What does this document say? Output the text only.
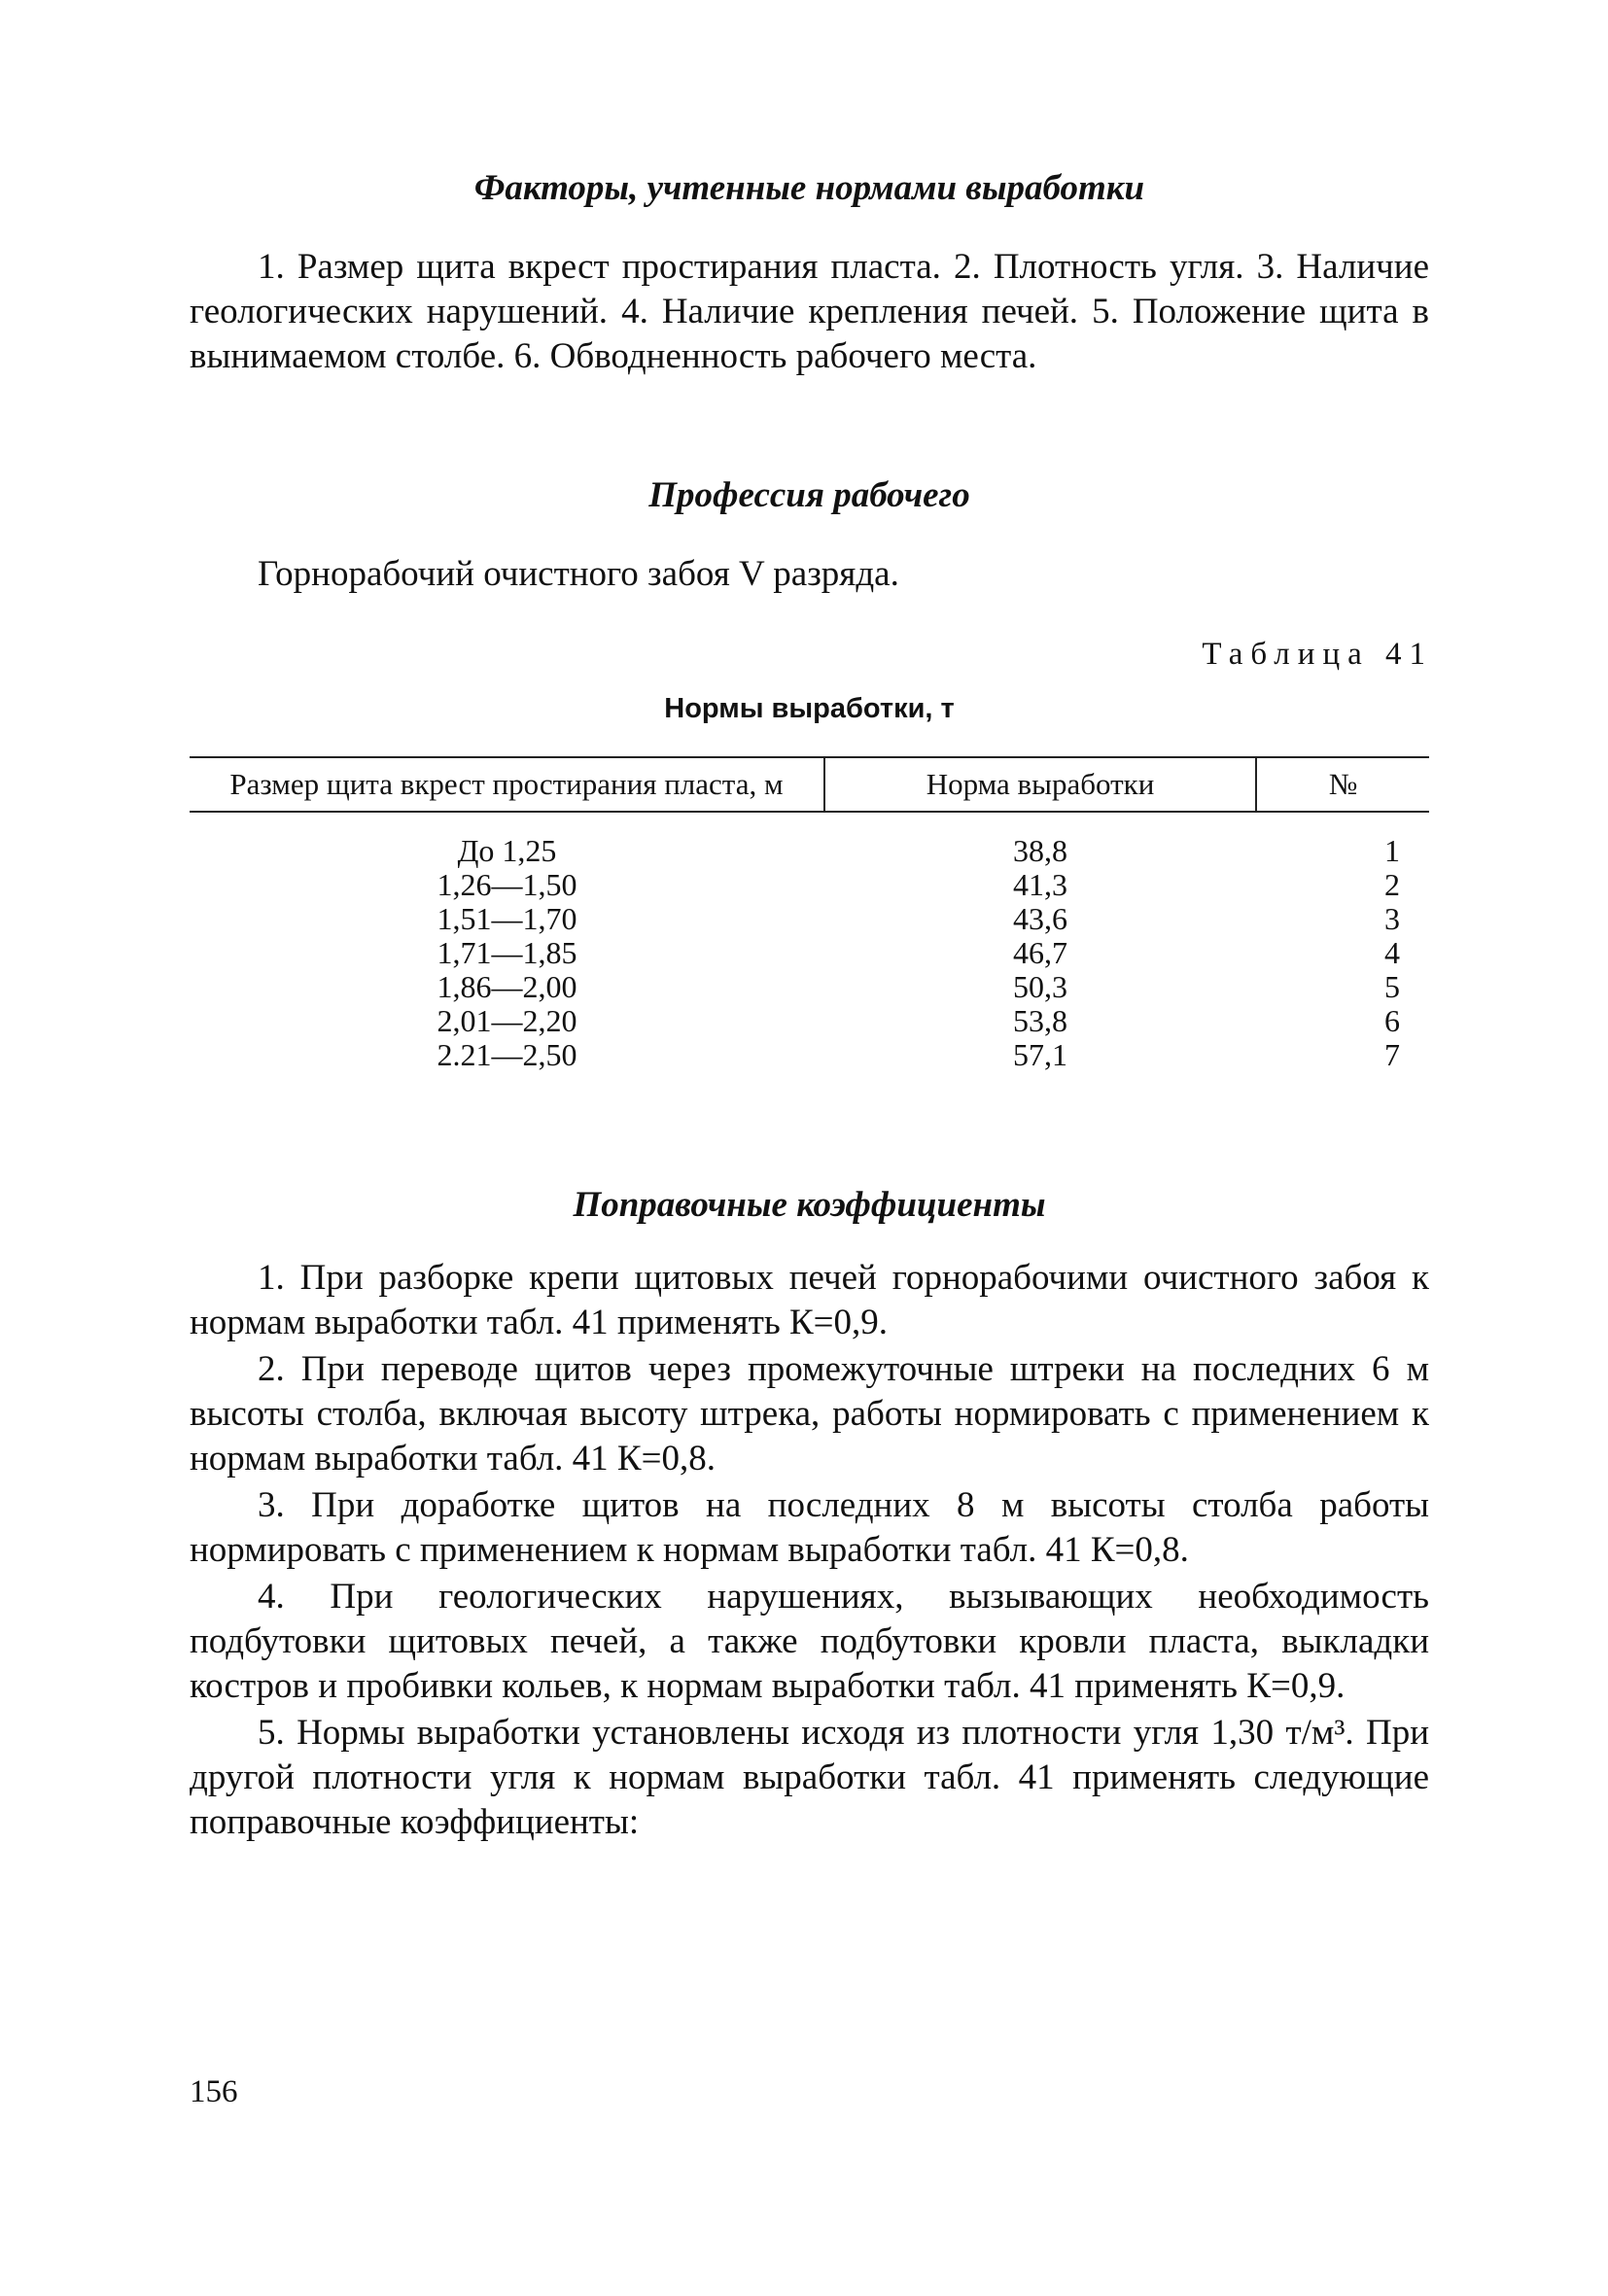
Факторы, учтенные нормами выработки

1. Размер щита вкрест простирания пласта. 2. Плотность угля. 3. Наличие геологических нарушений. 4. Наличие крепления печей. 5. Положение щита в вынимаемом столбе. 6. Обводненность рабочего места.

Профессия рабочего

Горнорабочий очистного забоя V разряда.

Таблица 41
Нормы выработки, т
Размер щита вкрест простирания пласта, м	Норма выработки	№
До 1,25	38,8	1
1,26—1,50	41,3	2
1,51—1,70	43,6	3
1,71—1,85	46,7	4
1,86—2,00	50,3	5
2,01—2,20	53,8	6
2.21—2,50	57,1	7
Поправочные коэффициенты

1. При разборке крепи щитовых печей горнорабочими очистного забоя к нормам выработки табл. 41 применять К=0,9.

2. При переводе щитов через промежуточные штреки на последних 6 м высоты столба, включая высоту штрека, работы нормировать с применением к нормам выработки табл. 41 К=0,8.

3. При доработке щитов на последних 8 м высоты столба работы нормировать с применением к нормам выработки табл. 41 К=0,8.

4. При геологических нарушениях, вызывающих необходимость подбутовки щитовых печей, а также подбутовки кровли пласта, выкладки костров и пробивки кольев, к нормам выработки табл. 41 применять К=0,9.

5. Нормы выработки установлены исходя из плотности угля 1,30 т/м³. При другой плотности угля к нормам выработки табл. 41 применять следующие поправочные коэффициенты:

156
